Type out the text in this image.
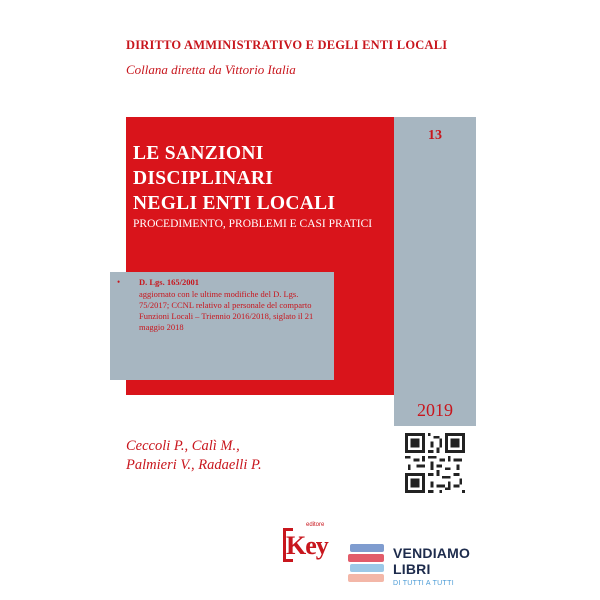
DIRITTO AMMINISTRATIVO E DEGLI ENTI LOCALI
Collana diretta da Vittorio Italia
13
LE SANZIONI
DISCIPLINARI
NEGLI ENTI LOCALI
PROCEDIMENTO, PROBLEMI E CASI PRATICI
• D. Lgs. 165/2001
aggiornato con le ultime modifiche del D. Lgs. 75/2017; CCNL relativo al personale del comparto Funzioni Locali – Triennio 2016/2018, siglato il 21 maggio 2018
2019
Ceccoli P., Calì M.,
Palmieri V., Radaelli P.
editore
Key	VENDIAMO
LIBRI
DI TUTTI A TUTTI
